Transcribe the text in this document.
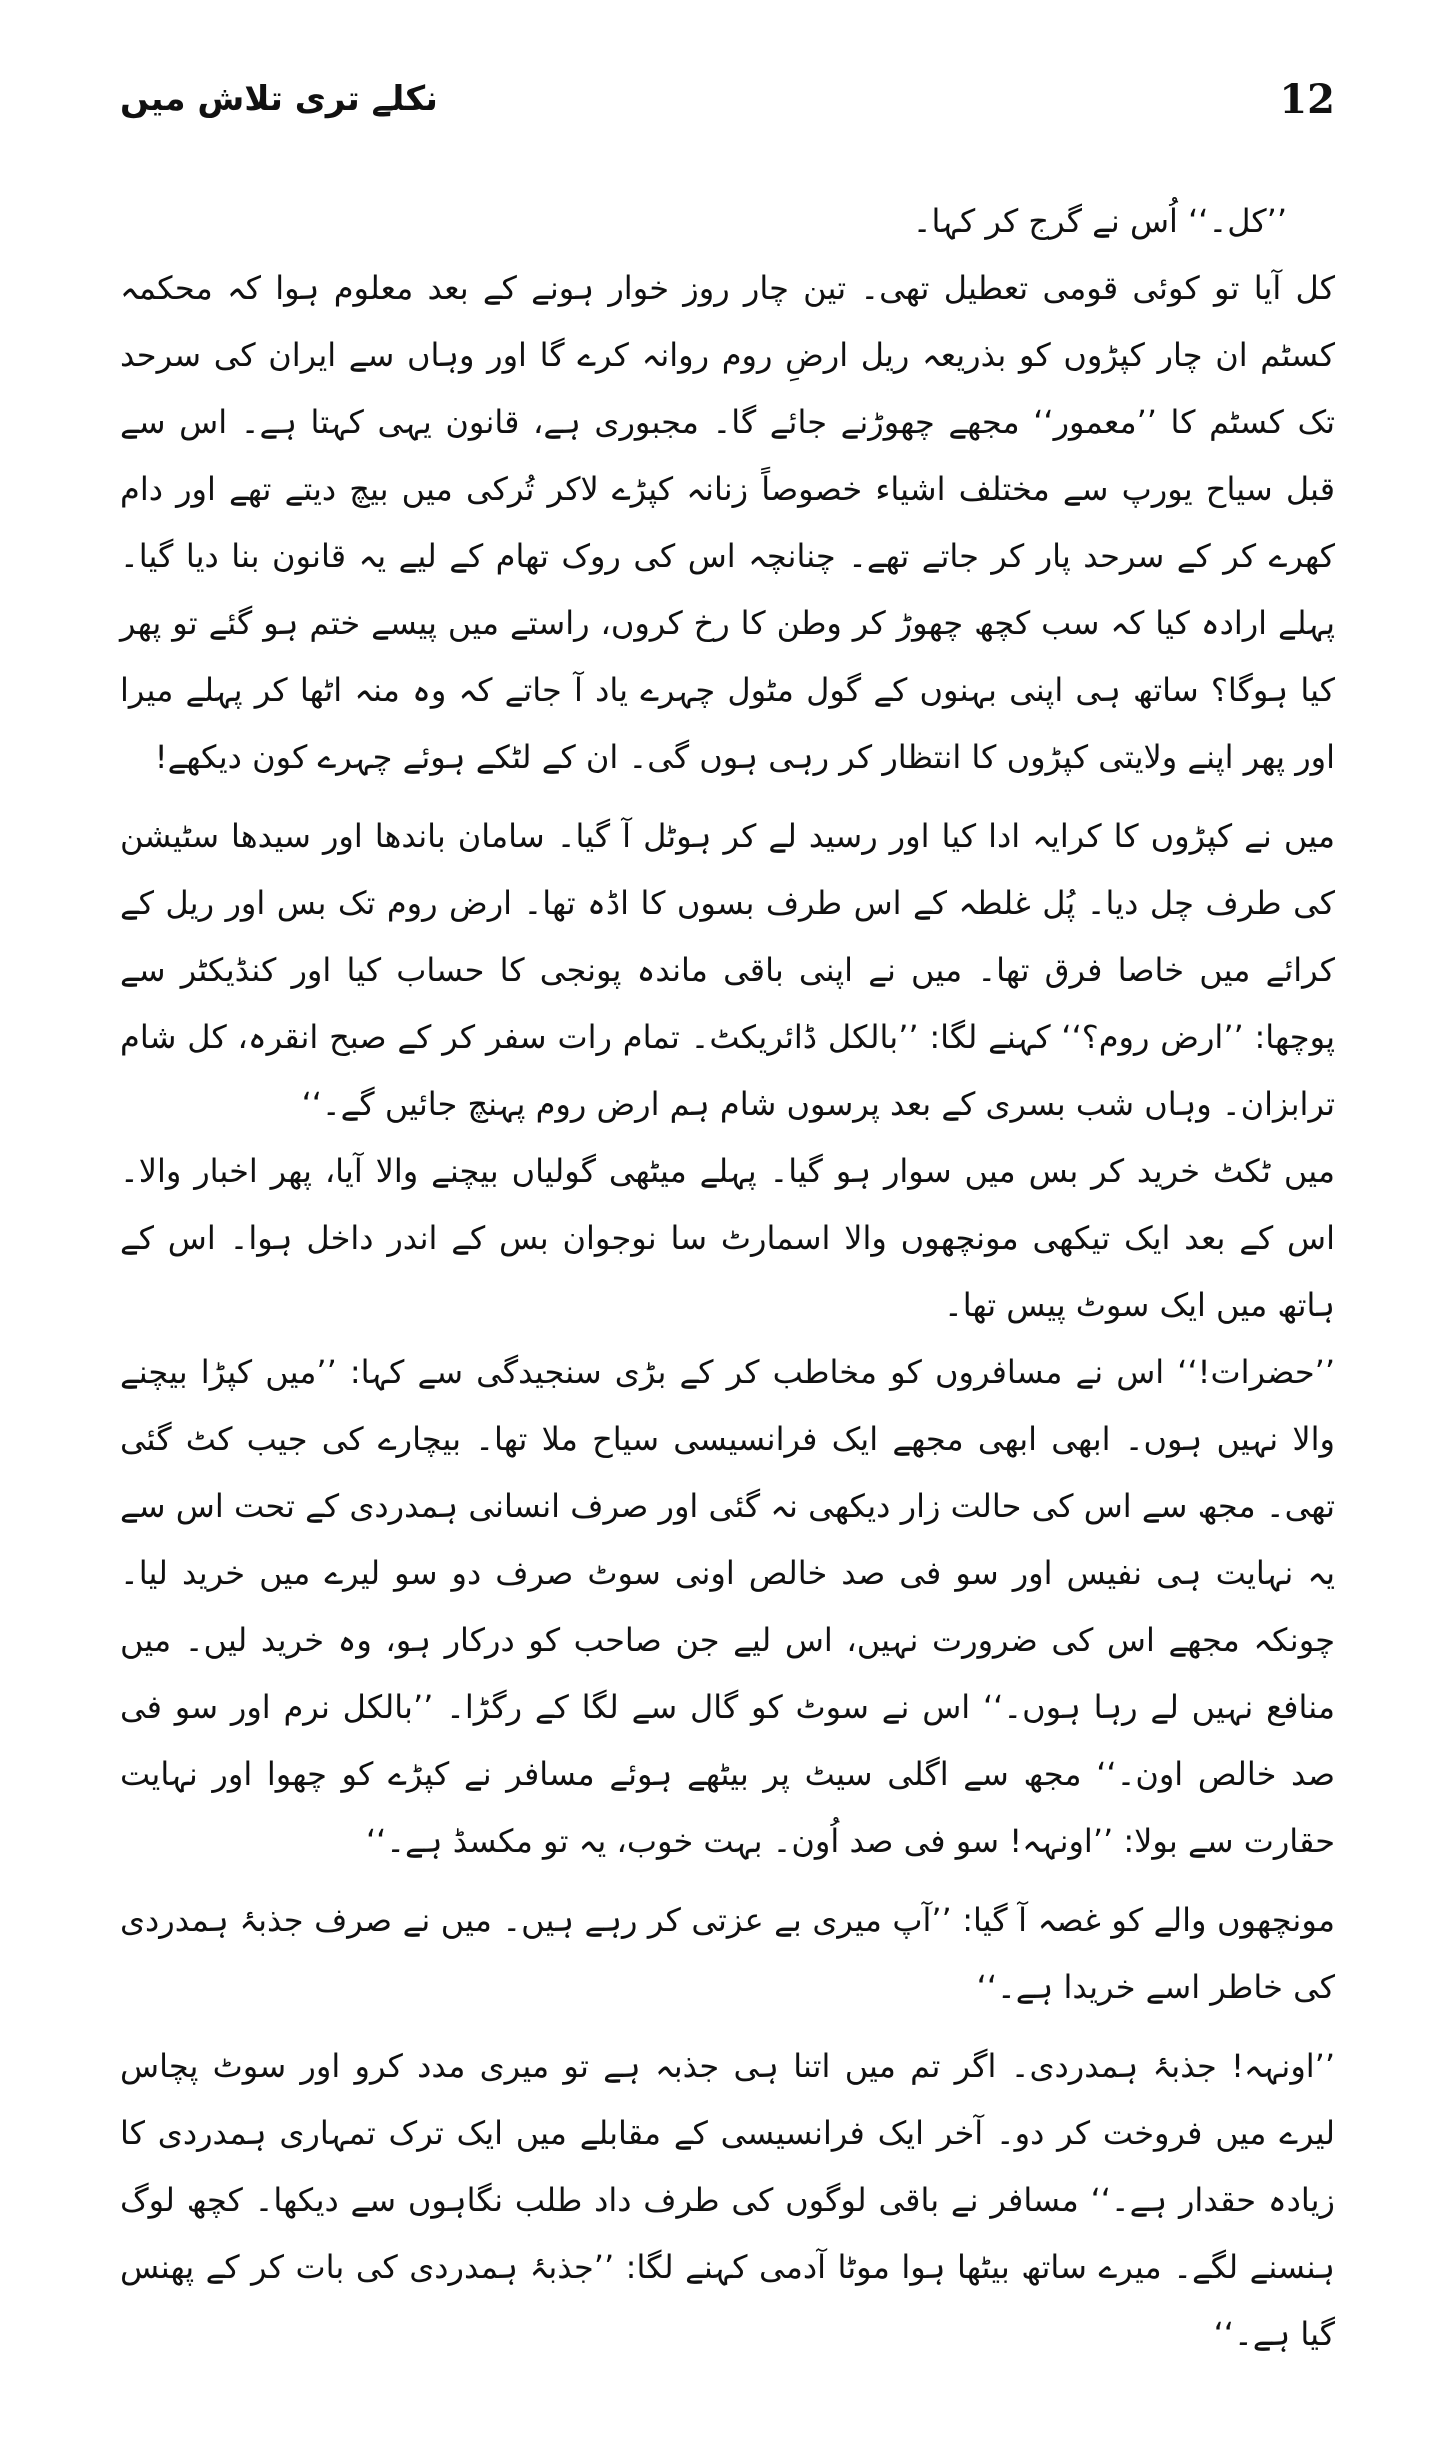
12
نکلے تری تلاش میں

’’کل۔‘‘ اُس نے گرج کر کہا۔

کل آیا تو کوئی قومی تعطیل تھی۔ تین چار روز خوار ہونے کے بعد معلوم ہوا کہ محکمہ کسٹم ان چار کپڑوں کو بذریعہ ریل ارضِ روم روانہ کرے گا اور وہاں سے ایران کی سرحد تک کسٹم کا ’’معمور‘‘ مجھے چھوڑنے جائے گا۔ مجبوری ہے، قانون یہی کہتا ہے۔ اس سے قبل سیاح یورپ سے مختلف اشیاء خصوصاً زنانہ کپڑے لاکر تُرکی میں بیچ دیتے تھے اور دام کھرے کر کے سرحد پار کر جاتے تھے۔ چنانچہ اس کی روک تھام کے لیے یہ قانون بنا دیا گیا۔ پہلے ارادہ کیا کہ سب کچھ چھوڑ کر وطن کا رخ کروں، راستے میں پیسے ختم ہو گئے تو پھر کیا ہوگا؟ ساتھ ہی اپنی بہنوں کے گول مٹول چہرے یاد آ جاتے کہ وہ منہ اٹھا کر پہلے میرا اور پھر اپنے ولایتی کپڑوں کا انتظار کر رہی ہوں گی۔ ان کے لٹکے ہوئے چہرے کون دیکھے!

میں نے کپڑوں کا کرایہ ادا کیا اور رسید لے کر ہوٹل آ گیا۔ سامان باندھا اور سیدھا سٹیشن کی طرف چل دیا۔ پُل غلطہ کے اس طرف بسوں کا اڈہ تھا۔ ارض روم تک بس اور ریل کے کرائے میں خاصا فرق تھا۔ میں نے اپنی باقی ماندہ پونجی کا حساب کیا اور کنڈیکٹر سے پوچھا: ’’ارض روم؟‘‘ کہنے لگا: ’’بالکل ڈائریکٹ۔ تمام رات سفر کر کے صبح انقرہ، کل شام ترابزان۔ وہاں شب بسری کے بعد پرسوں شام ہم ارض روم پہنچ جائیں گے۔‘‘

میں ٹکٹ خرید کر بس میں سوار ہو گیا۔ پہلے میٹھی گولیاں بیچنے والا آیا، پھر اخبار والا۔ اس کے بعد ایک تیکھی مونچھوں والا اسمارٹ سا نوجوان بس کے اندر داخل ہوا۔ اس کے ہاتھ میں ایک سوٹ پیس تھا۔

’’حضرات!‘‘ اس نے مسافروں کو مخاطب کر کے بڑی سنجیدگی سے کہا: ’’میں کپڑا بیچنے والا نہیں ہوں۔ ابھی ابھی مجھے ایک فرانسیسی سیاح ملا تھا۔ بیچارے کی جیب کٹ گئی تھی۔ مجھ سے اس کی حالت زار دیکھی نہ گئی اور صرف انسانی ہمدردی کے تحت اس سے یہ نہایت ہی نفیس اور سو فی صد خالص اونی سوٹ صرف دو سو لیرے میں خرید لیا۔ چونکہ مجھے اس کی ضرورت نہیں، اس لیے جن صاحب کو درکار ہو، وہ خرید لیں۔ میں منافع نہیں لے رہا ہوں۔‘‘ اس نے سوٹ کو گال سے لگا کے رگڑا۔ ’’بالکل نرم اور سو فی صد خالص اون۔‘‘ مجھ سے اگلی سیٹ پر بیٹھے ہوئے مسافر نے کپڑے کو چھوا اور نہایت حقارت سے بولا: ’’اونہہ! سو فی صد اُون۔ بہت خوب، یہ تو مکسڈ ہے۔‘‘

مونچھوں والے کو غصہ آ گیا: ’’آپ میری بے عزتی کر رہے ہیں۔ میں نے صرف جذبۂ ہمدردی کی خاطر اسے خریدا ہے۔‘‘

’’اونہہ! جذبۂ ہمدردی۔ اگر تم میں اتنا ہی جذبہ ہے تو میری مدد کرو اور سوٹ پچاس لیرے میں فروخت کر دو۔ آخر ایک فرانسیسی کے مقابلے میں ایک ترک تمہاری ہمدردی کا زیادہ حقدار ہے۔‘‘ مسافر نے باقی لوگوں کی طرف داد طلب نگاہوں سے دیکھا۔ کچھ لوگ ہنسنے لگے۔ میرے ساتھ بیٹھا ہوا موٹا آدمی کہنے لگا: ’’جذبۂ ہمدردی کی بات کر کے پھنس گیا ہے۔‘‘
